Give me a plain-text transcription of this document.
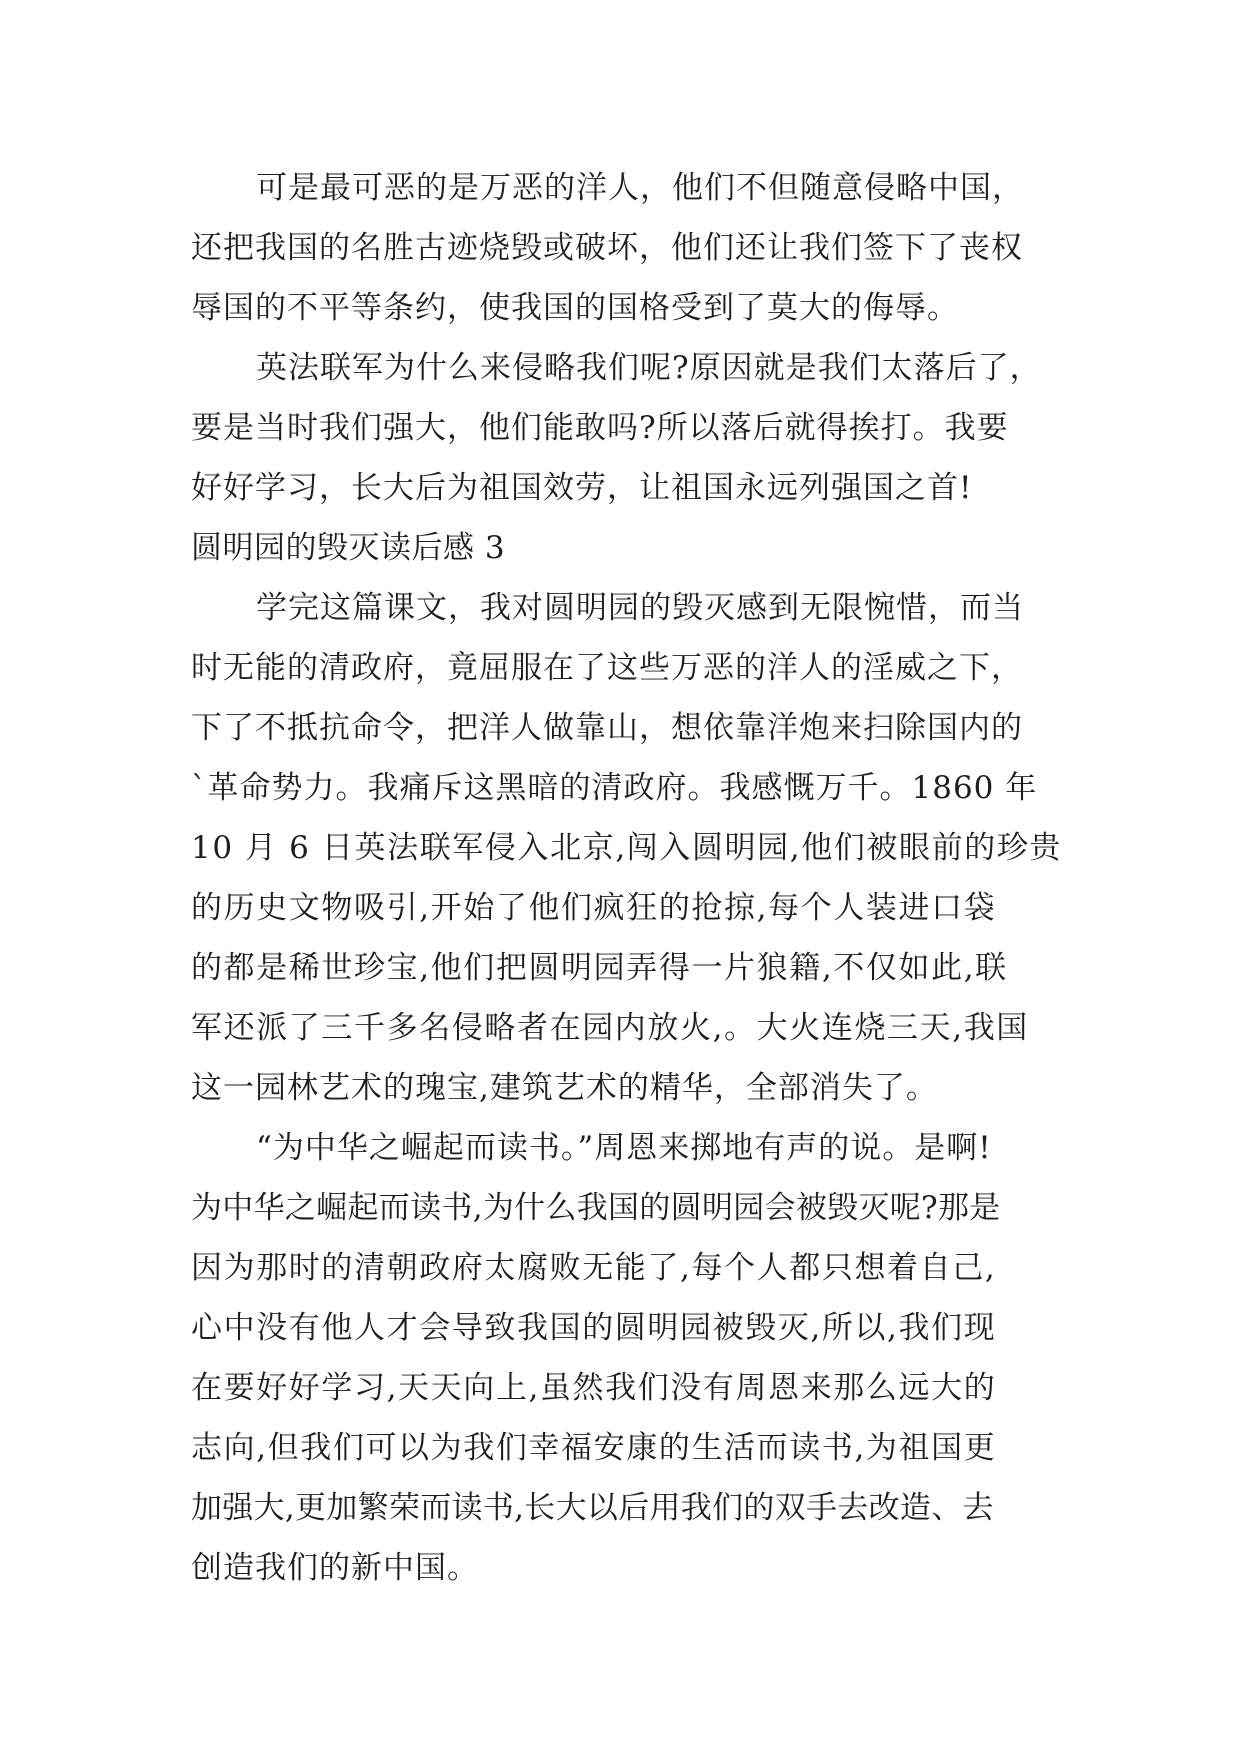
可是最可恶的是万恶的洋人，他们不但随意侵略中国，
还把我国的名胜古迹烧毁或破坏，他们还让我们签下了丧权
辱国的不平等条约，使我国的国格受到了莫大的侮辱。
英法联军为什么来侵略我们呢?原因就是我们太落后了，
要是当时我们强大，他们能敢吗?所以落后就得挨打。我要
好好学习，长大后为祖国效劳，让祖国永远列强国之首!
圆明园的毁灭读后感 3
学完这篇课文，我对圆明园的毁灭感到无限惋惜，而当
时无能的清政府，竟屈服在了这些万恶的洋人的淫威之下，
下了不抵抗命令，把洋人做靠山，想依靠洋炮来扫除国内的
`革命势力。我痛斥这黑暗的清政府。我感慨万千。1860 年
10 月 6 日英法联军侵入北京,闯入圆明园,他们被眼前的珍贵
的历史文物吸引,开始了他们疯狂的抢掠,每个人装进口袋
的都是稀世珍宝,他们把圆明园弄得一片狼籍,不仅如此,联
军还派了三千多名侵略者在园内放火,。大火连烧三天,我国
这一园林艺术的瑰宝,建筑艺术的精华，全部消失了。
“为中华之崛起而读书。”周恩来掷地有声的说。是啊!
为中华之崛起而读书,为什么我国的圆明园会被毁灭呢?那是
因为那时的清朝政府太腐败无能了,每个人都只想着自己,
心中没有他人才会导致我国的圆明园被毁灭,所以,我们现
在要好好学习,天天向上,虽然我们没有周恩来那么远大的
志向,但我们可以为我们幸福安康的生活而读书,为祖国更
加强大,更加繁荣而读书,长大以后用我们的双手去改造、去
创造我们的新中国。
